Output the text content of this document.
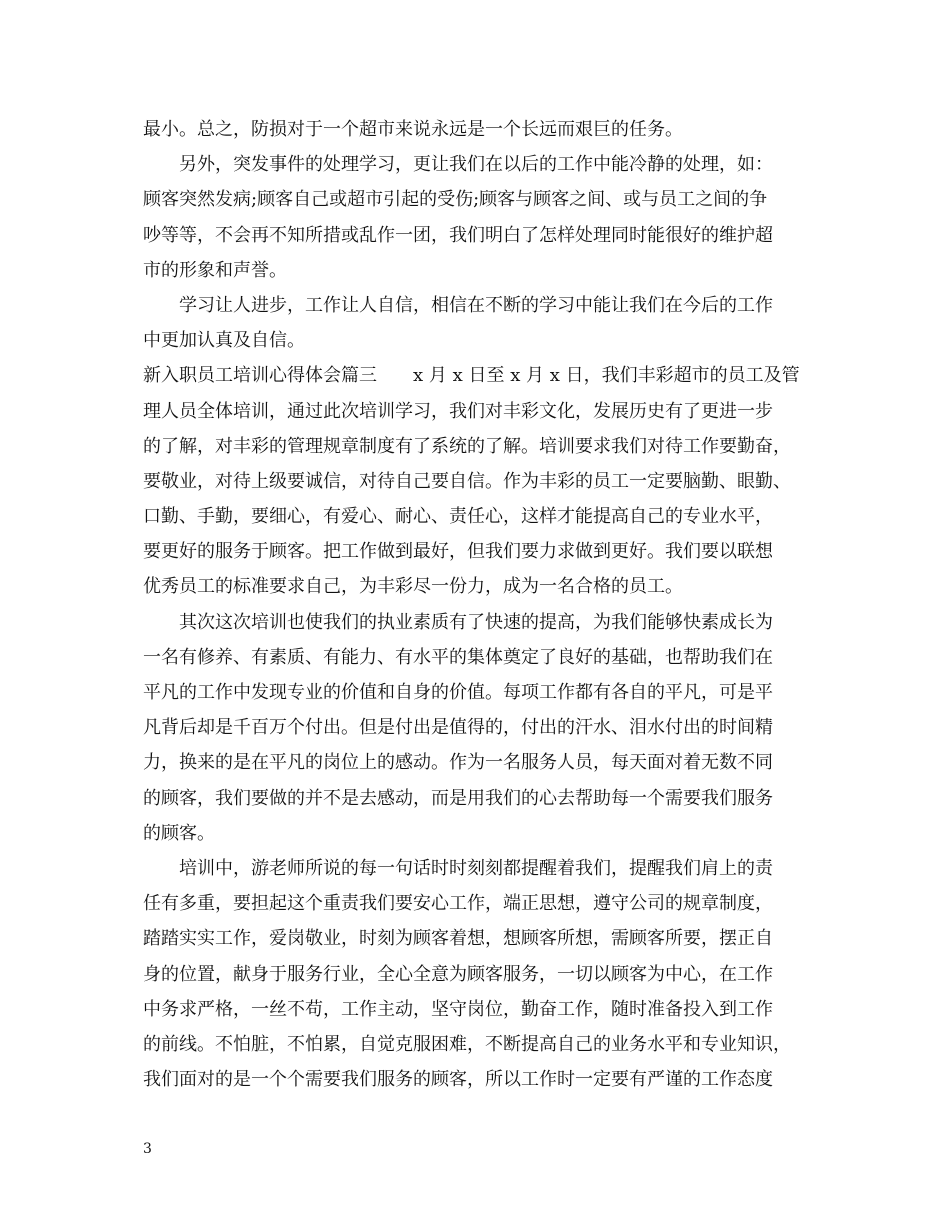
最小。总之，防损对于一个超市来说永远是一个长远而艰巨的任务。
另外，突发事件的处理学习，更让我们在以后的工作中能冷静的处理，如：
顾客突然发病;顾客自己或超市引起的受伤;顾客与顾客之间、或与员工之间的争
吵等等，不会再不知所措或乱作一团，我们明白了怎样处理同时能很好的维护超
市的形象和声誉。
学习让人进步，工作让人自信，相信在不断的学习中能让我们在今后的工作
中更加认真及自信。
新入职员工培训心得体会篇三　　x 月 x 日至 x 月 x 日，我们丰彩超市的员工及管
理人员全体培训，通过此次培训学习，我们对丰彩文化，发展历史有了更进一步
的了解，对丰彩的管理规章制度有了系统的了解。培训要求我们对待工作要勤奋，
要敬业，对待上级要诚信，对待自己要自信。作为丰彩的员工一定要脑勤、眼勤、
口勤、手勤，要细心，有爱心、耐心、责任心，这样才能提高自己的专业水平，
要更好的服务于顾客。把工作做到最好，但我们要力求做到更好。我们要以联想
优秀员工的标准要求自己，为丰彩尽一份力，成为一名合格的员工。
其次这次培训也使我们的执业素质有了快速的提高，为我们能够快素成长为
一名有修养、有素质、有能力、有水平的集体奠定了良好的基础，也帮助我们在
平凡的工作中发现专业的价值和自身的价值。每项工作都有各自的平凡，可是平
凡背后却是千百万个付出。但是付出是值得的，付出的汗水、泪水付出的时间精
力，换来的是在平凡的岗位上的感动。作为一名服务人员，每天面对着无数不同
的顾客，我们要做的并不是去感动，而是用我们的心去帮助每一个需要我们服务
的顾客。
培训中，游老师所说的每一句话时时刻刻都提醒着我们，提醒我们肩上的责
任有多重，要担起这个重责我们要安心工作，端正思想，遵守公司的规章制度，
踏踏实实工作，爱岗敬业，时刻为顾客着想，想顾客所想，需顾客所要，摆正自
身的位置，献身于服务行业，全心全意为顾客服务，一切以顾客为中心，在工作
中务求严格，一丝不苟，工作主动，坚守岗位，勤奋工作，随时准备投入到工作
的前线。不怕脏，不怕累，自觉克服困难，不断提高自己的业务水平和专业知识，
我们面对的是一个个需要我们服务的顾客，所以工作时一定要有严谨的工作态度
3
